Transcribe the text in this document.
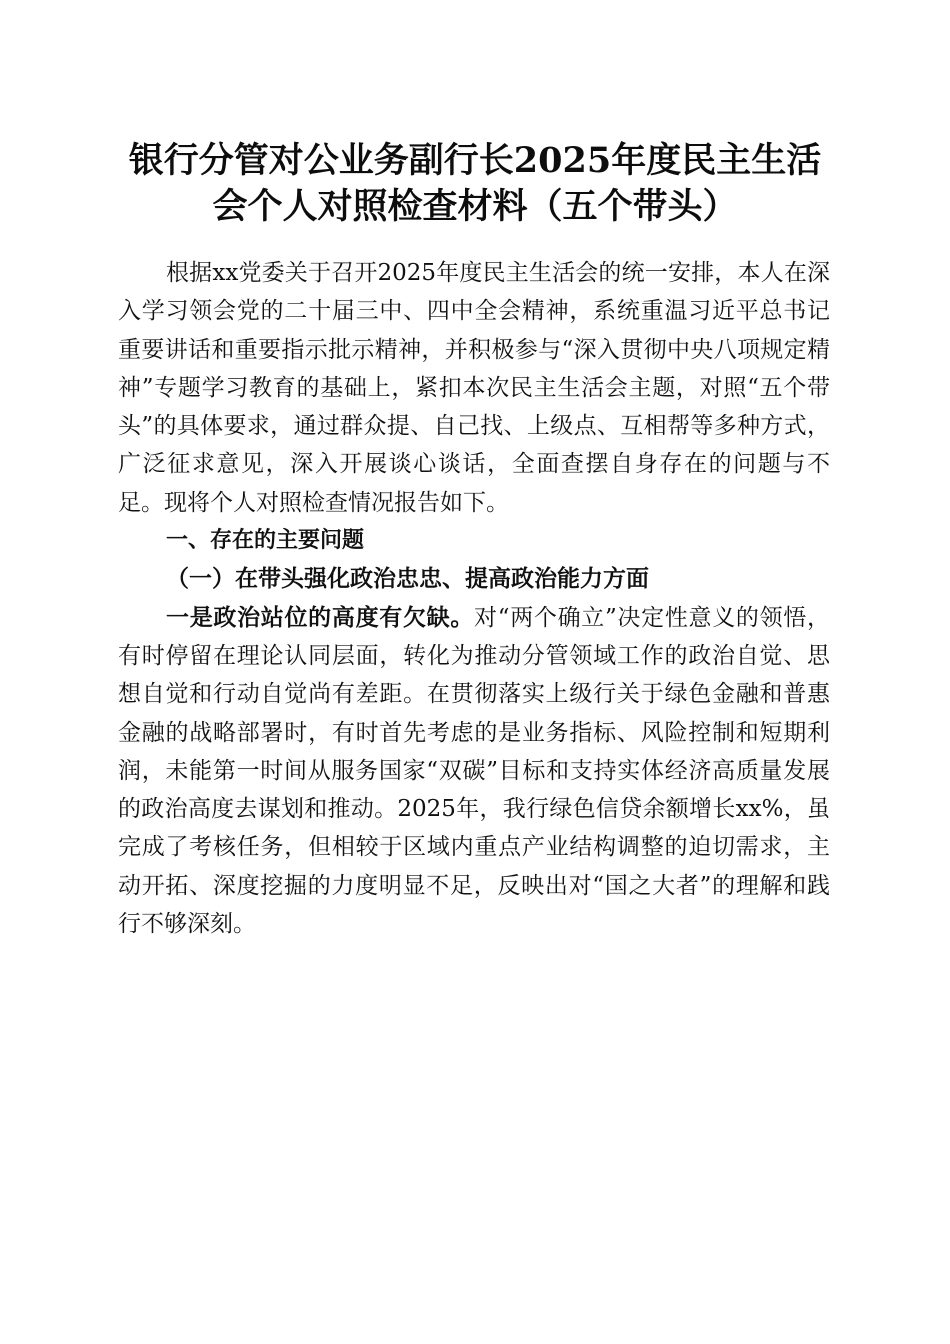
银行分管对公业务副行长2025年度民主生活
会个人对照检查材料（五个带头）

根据xx党委关于召开2025年度民主生活会的统一安排，本人在深入学习领会党的二十届三中、四中全会精神，系统重温习近平总书记重要讲话和重要指示批示精神，并积极参与“深入贯彻中央八项规定精神”专题学习教育的基础上，紧扣本次民主生活会主题，对照“五个带头”的具体要求，通过群众提、自己找、上级点、互相帮等多种方式，广泛征求意见，深入开展谈心谈话，全面查摆自身存在的问题与不足。现将个人对照检查情况报告如下。

一、存在的主要问题

（一）在带头强化政治忠忠、提高政治能力方面

一是政治站位的高度有欠缺。对“两个确立”决定性意义的领悟，有时停留在理论认同层面，转化为推动分管领域工作的政治自觉、思想自觉和行动自觉尚有差距。在贯彻落实上级行关于绿色金融和普惠金融的战略部署时，有时首先考虑的是业务指标、风险控制和短期利润，未能第一时间从服务国家“双碳”目标和支持实体经济高质量发展的政治高度去谋划和推动。2025年，我行绿色信贷余额增长xx%，虽完成了考核任务，但相较于区域内重点产业结构调整的迫切需求，主动开拓、深度挖掘的力度明显不足，反映出对“国之大者”的理解和践行不够深刻。
